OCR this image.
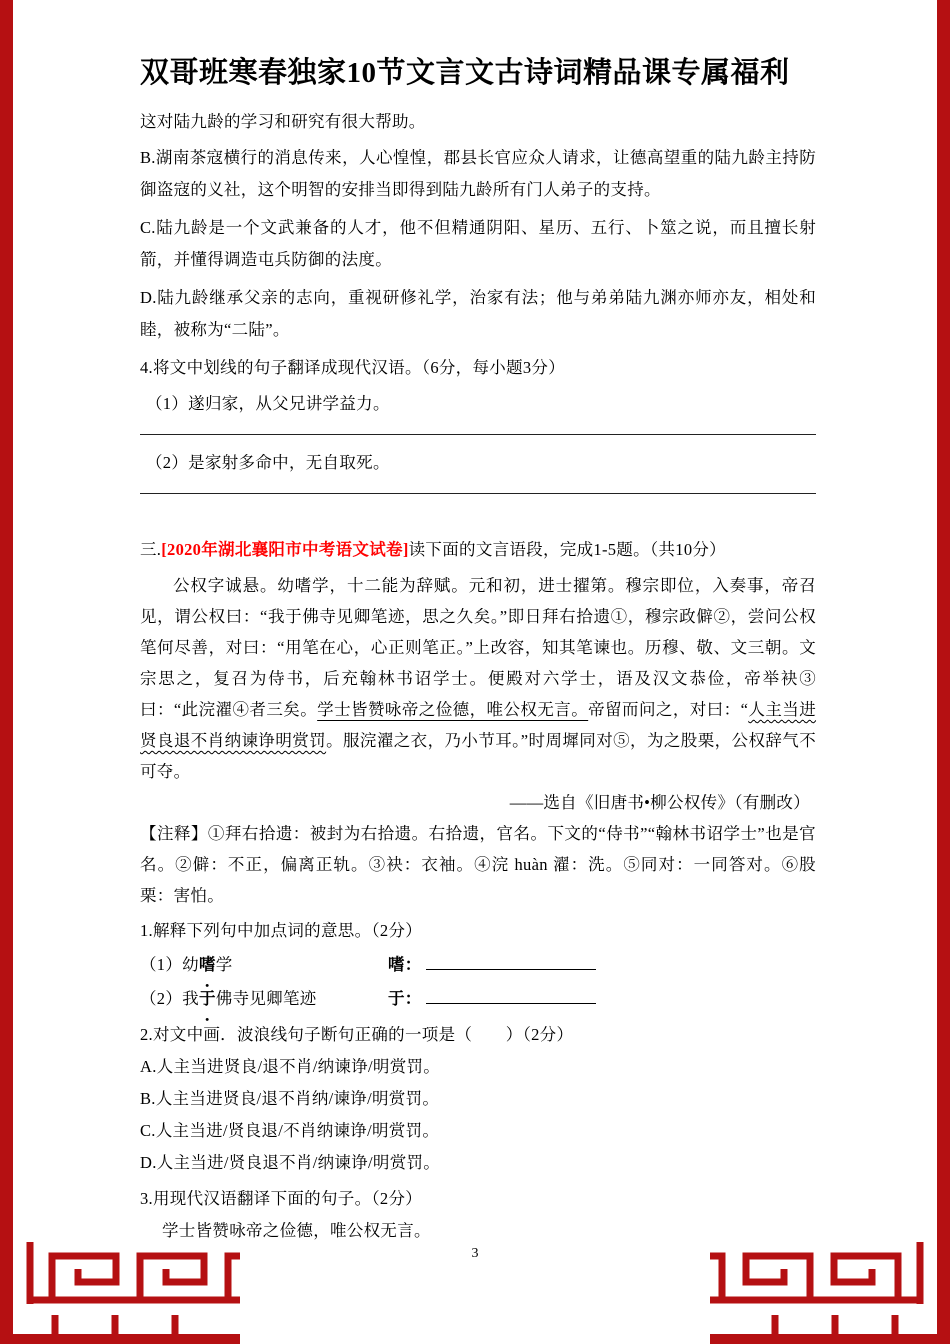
双哥班寒春独家10节文言文古诗词精品课专属福利

这对陆九龄的学习和研究有很大帮助。

B.湖南茶寇横行的消息传来，人心惶惶，郡县长官应众人请求，让德高望重的陆九龄主持防御盗寇的义社，这个明智的安排当即得到陆九龄所有门人弟子的支持。

C.陆九龄是一个文武兼备的人才，他不但精通阴阳、星历、五行、卜筮之说，而且擅长射箭，并懂得调造屯兵防御的法度。

D.陆九龄继承父亲的志向，重视研修礼学，治家有法；他与弟弟陆九渊亦师亦友，相处和睦，被称为“二陆”。

4.将文中划线的句子翻译成现代汉语。（6分，每小题3分）

（1）遂归家，从父兄讲学益力。

（2）是家射多命中，无自取死。

三.[2020年湖北襄阳市中考语文试卷]读下面的文言语段，完成1-5题。（共10分）

公权字诚悬。幼嗜学，十二能为辞赋。元和初，进士擢第。穆宗即位，入奏事，帝召见，谓公权曰：“我于佛寺见卿笔迹，思之久矣。”即日拜右拾遗①，穆宗政僻②，尝问公权笔何尽善，对曰：“用笔在心，心正则笔正。”上改容，知其笔谏也。历穆、敬、文三朝。文宗思之，复召为侍书，后充翰林书诏学士。便殿对六学士，语及汉文恭俭，帝举袂③曰：“此浣濯④者三矣。学士皆赞咏帝之俭德，唯公权无言。帝留而问之，对曰：“人主当进贤良退不肖纳谏诤明赏罚。服浣濯之衣，乃小节耳。”时周墀同对⑤，为之股栗，公权辞气不可夺。

——选自《旧唐书•柳公权传》（有删改）

【注释】①拜右拾遗：被封为右拾遗。右拾遗，官名。下文的“侍书”“翰林书诏学士”也是官名。②僻：不正，偏离正轨。③袂：衣袖。④浣 huàn 濯：洗。⑤同对：一同答对。⑥股栗：害怕。

1.解释下列句中加点词的意思。（2分）

（1）幼嗜学	嗜：

（2）我于佛寺见卿笔迹	于：

2.对文中画．波浪线句子断句正确的一项是（　　）（2分）

A.人主当进贤良/退不肖/纳谏诤/明赏罚。

B.人主当进贤良/退不肖纳/谏诤/明赏罚。

C.人主当进/贤良退/不肖纳谏诤/明赏罚。

D.人主当进/贤良退不肖/纳谏诤/明赏罚。

3.用现代汉语翻译下面的句子。（2分）

学士皆赞咏帝之俭德，唯公权无言。

3
